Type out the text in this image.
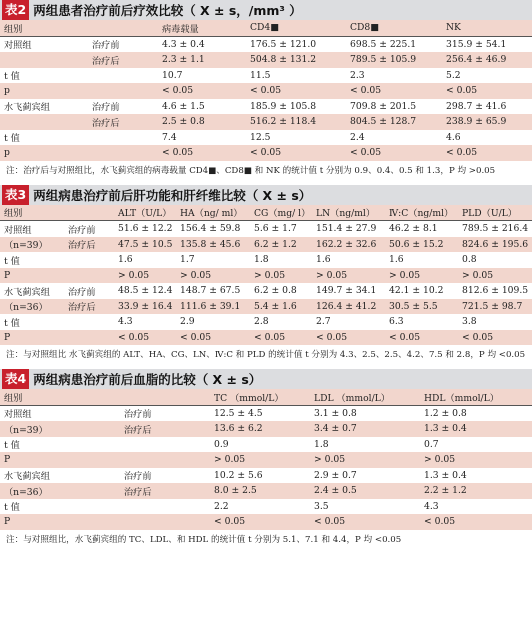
表2 两组患者治疗前后疗效比较（ X ± s，/mm³ ）
组别		病毒载量	CD4■	CD8■	NK
对照组	治疗前	4.3 ± 0.4	176.5 ± 121.0	698.5 ± 225.1	315.9 ± 54.1
	治疗后	2.3 ± 1.1	504.8 ± 131.2	789.5 ± 105.9	256.4 ± 46.9
t 值		10.7	11.5	2.3	5.2
p		< 0.05	< 0.05	< 0.05	< 0.05
水飞蓟宾组	治疗前	4.6 ± 1.5	185.9 ± 105.8	709.8 ± 201.5	298.7 ± 41.6
	治疗后	2.5 ± 0.8	516.2 ± 118.4	804.5 ± 128.7	238.9 ± 65.9
t 值		7.4	12.5	2.4	4.6
p		< 0.05	< 0.05	< 0.05	< 0.05
注：治疗后与对照组比，水飞蓟宾组的病毒载量 CD4■、CD8■ 和 NK 的统计值 t 分别为 0.9、0.4、0.5 和 1.3，P 均 >0.05
表3 两组病患治疗前后肝功能和肝纤维比较（ X ± s）
组别		ALT（U/L）	HA（ng/ ml）	CG（mg/ l）	LN（ng/ml）	Ⅳ:C（ng/ml）	PLD（U/L）
对照组	治疗前	51.6 ± 12.2	156.4 ± 59.8	5.6 ± 1.7	151.4 ± 27.9	46.2 ± 8.1	789.5 ± 216.4
（n=39）	治疗后	47.5 ± 10.5	135.8 ± 45.6	6.2 ± 1.2	162.2 ± 32.6	50.6 ± 15.2	824.6 ± 195.6
t 值		1.6	1.7	1.8	1.6	1.6	0.8
P		> 0.05	> 0.05	> 0.05	> 0.05	> 0.05	> 0.05
水飞蓟宾组	治疗前	48.5 ± 12.4	148.7 ± 67.5	6.2 ± 0.8	149.7 ± 34.1	42.1 ± 10.2	812.6 ± 109.5
（n=36）	治疗后	33.9 ± 16.4	111.6 ± 39.1	5.4 ± 1.6	126.4 ± 41.2	30.5 ± 5.5	721.5 ± 98.7
t 值		4.3	2.9	2.8	2.7	6.3	3.8
P		< 0.05	< 0.05	< 0.05	< 0.05	< 0.05	< 0.05
注：与对照组比 水飞蓟宾组的 ALT、HA、CG、LN、Ⅳ:C 和 PLD 的统计值 t 分别为 4.3、2.5、2.5、4.2、7.5 和 2.8，P 均 <0.05
表4 两组病患治疗前后血脂的比较（ X ± s）
组别		TC （mmol/L）	LDL （mmol/L）	HDL（mmol/L）
对照组	治疗前	12.5 ± 4.5	3.1 ± 0.8	1.2 ± 0.8
（n=39）	治疗后	13.6 ± 6.2	3.4 ± 0.7	1.3 ± 0.4
t 值		0.9	1.8	0.7
P		> 0.05	> 0.05	> 0.05
水飞蓟宾组	治疗前	10.2 ± 5.6	2.9 ± 0.7	1.3 ± 0.4
（n=36）	治疗后	8.0 ± 2.5	2.4 ± 0.5	2.2 ± 1.2
t 值		2.2	3.5	4.3
P		< 0.05	< 0.05	< 0.05
注：与对照组比，水飞蓟宾组的 TC、LDL、和 HDL 的统计值 t 分别为 5.1、7.1 和 4.4，P 均 <0.05
